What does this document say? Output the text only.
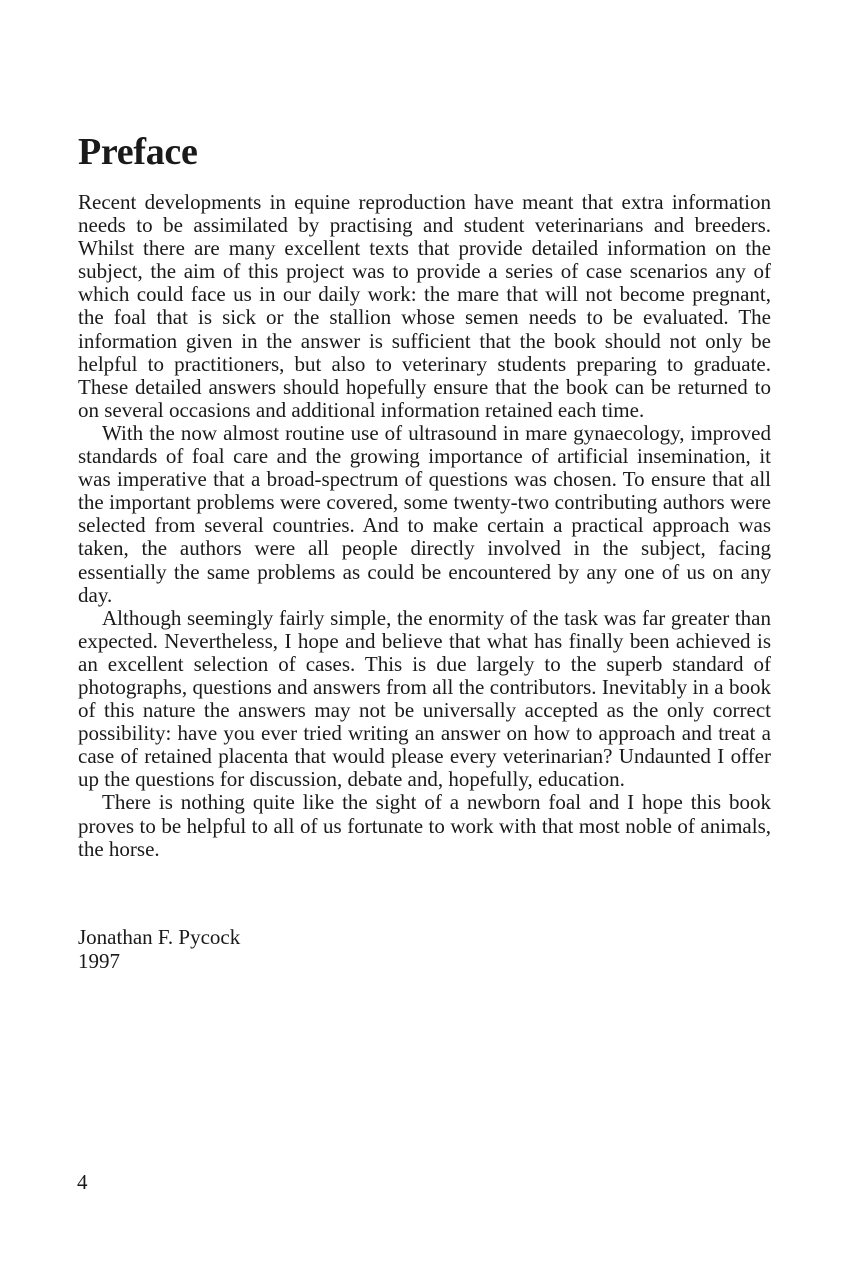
Preface

Recent developments in equine reproduction have meant that extra information needs to be assimilated by practising and student veterinarians and breeders. Whilst there are many excellent texts that provide detailed information on the subject, the aim of this project was to provide a series of case scenarios any of which could face us in our daily work: the mare that will not become pregnant, the foal that is sick or the stallion whose semen needs to be evaluated. The information given in the answer is sufficient that the book should not only be helpful to practitioners, but also to veterinary students preparing to graduate. These detailed answers should hopefully ensure that the book can be returned to on several occasions and additional information retained each time.

With the now almost routine use of ultrasound in mare gynaecology, improved standards of foal care and the growing importance of artificial insemination, it was imperative that a broad-spectrum of questions was chosen. To ensure that all the important problems were covered, some twenty-two contributing authors were selected from several countries. And to make certain a practical approach was taken, the authors were all people directly involved in the subject, facing essentially the same problems as could be encountered by any one of us on any day.

Although seemingly fairly simple, the enormity of the task was far greater than expected. Nevertheless, I hope and believe that what has finally been achieved is an excellent selection of cases. This is due largely to the superb standard of photographs, questions and answers from all the contributors. Inevitably in a book of this nature the answers may not be universally accepted as the only correct possibility: have you ever tried writing an answer on how to approach and treat a case of retained placenta that would please every veterinarian? Undaunted I offer up the questions for discussion, debate and, hopefully, education.

There is nothing quite like the sight of a newborn foal and I hope this book proves to be helpful to all of us fortunate to work with that most noble of animals, the horse.

Jonathan F. Pycock
1997
4
